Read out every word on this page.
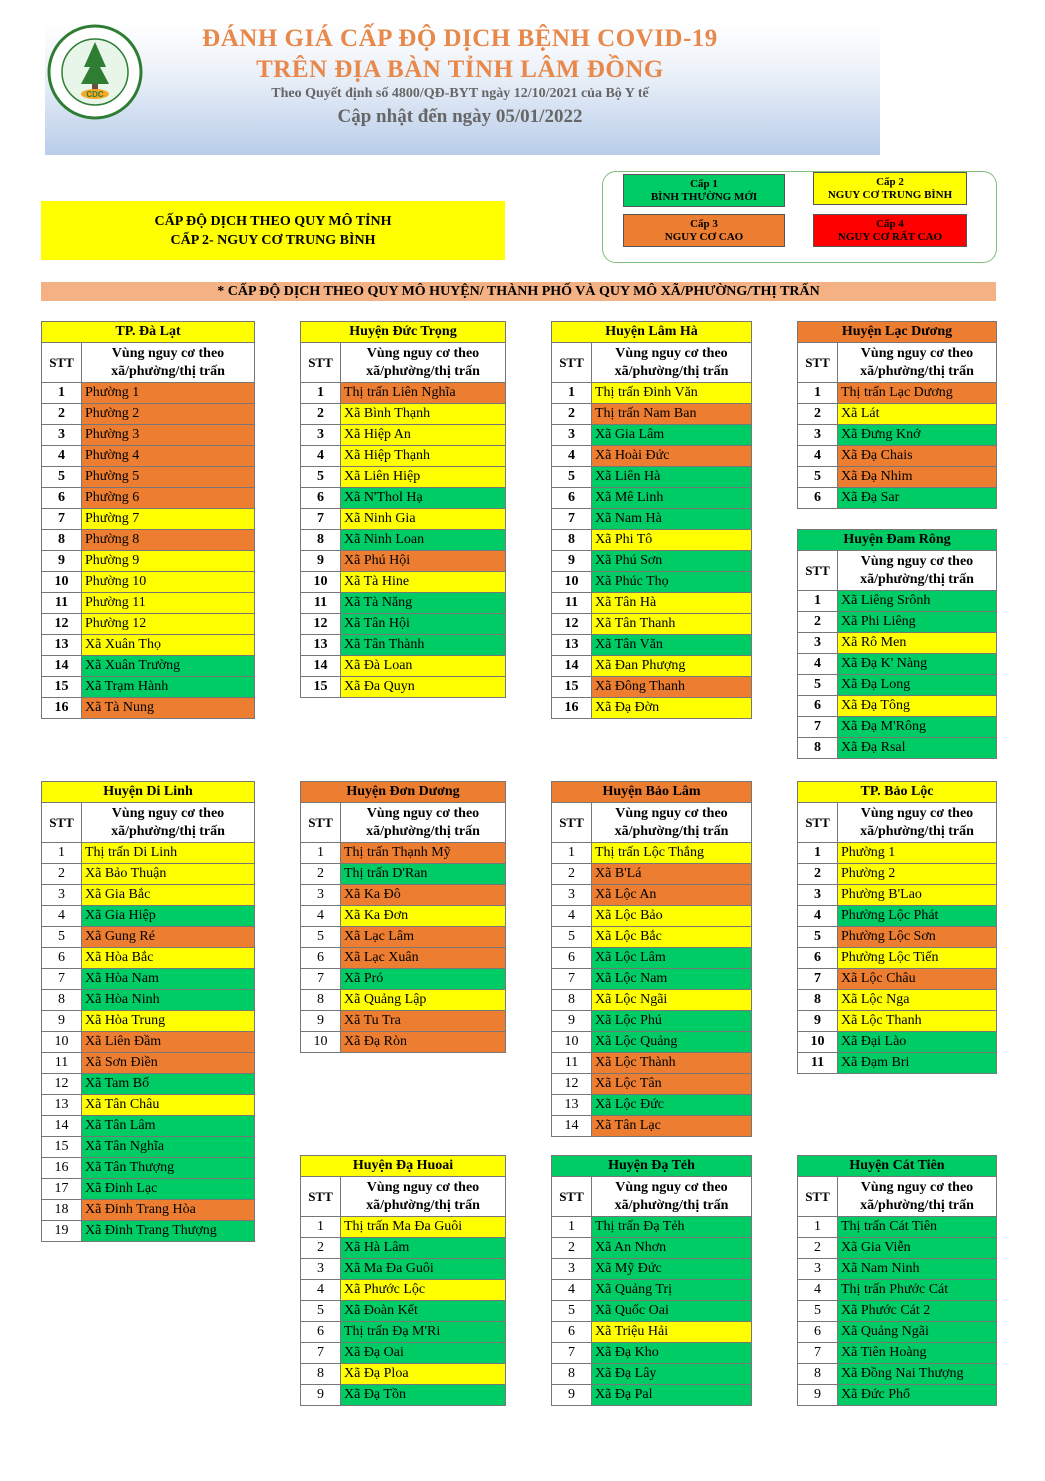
CDC
ĐÁNH GIÁ CẤP ĐỘ DỊCH BỆNH COVID-19
TRÊN ĐỊA BÀN TỈNH LÂM ĐỒNG
Theo Quyết định số 4800/QĐ-BYT ngày 12/10/2021 của Bộ Y tế
Cập nhật đến ngày 05/01/2022
CẤP ĐỘ DỊCH THEO QUY MÔ TỈNH
CẤP 2- NGUY CƠ TRUNG BÌNH
Cấp 1
BÌNH THƯỜNG MỚI
Cấp 2
NGUY CƠ TRUNG BÌNH
Cấp 3
NGUY CƠ CAO
Cấp 4
NGUY CƠ RẤT CAO
* CẤP ĐỘ DỊCH THEO QUY MÔ HUYỆN/ THÀNH PHỐ VÀ QUY MÔ XÃ/PHƯỜNG/THỊ TRẤN
TP. Đà Lạt	
STT	Vùng nguy cơ theo xã/phường/thị trấn
1	Phường 1
2	Phường 2
3	Phường 3
4	Phường 4
5	Phường 5
6	Phường 6
7	Phường 7
8	Phường 8
9	Phường 9
10	Phường 10
11	Phường 11
12	Phường 12
13	Xã Xuân Thọ
14	Xã Xuân Trường
15	Xã Trạm Hành
16	Xã Tà Nung
Huyện Đức Trọng	
STT	Vùng nguy cơ theo xã/phường/thị trấn
1	Thị trấn Liên Nghĩa
2	Xã Bình Thạnh
3	Xã Hiệp An
4	Xã Hiệp Thạnh
5	Xã Liên Hiệp
6	Xã N'Thol Hạ
7	Xã Ninh Gia
8	Xã Ninh Loan
9	Xã Phú Hội
10	Xã Tà Hine
11	Xã Tà Năng
12	Xã Tân Hội
13	Xã Tân Thành
14	Xã Đà Loan
15	Xã Đa Quyn
Huyện Lâm Hà	
STT	Vùng nguy cơ theo xã/phường/thị trấn
1	Thị trấn Đinh Văn
2	Thị trấn Nam Ban
3	Xã Gia Lâm
4	Xã Hoài Đức
5	Xã Liên Hà
6	Xã Mê Linh
7	Xã Nam Hà
8	Xã Phi Tô
9	Xã Phú Sơn
10	Xã Phúc Thọ
11	Xã Tân Hà
12	Xã Tân Thanh
13	Xã Tân Văn
14	Xã Đan Phượng
15	Xã Đông Thanh
16	Xã Đạ Đờn
Huyện Lạc Dương	
STT	Vùng nguy cơ theo xã/phường/thị trấn
1	Thị trấn Lạc Dương
2	Xã Lát
3	Xã Đưng Knớ
4	Xã Đạ Chais
5	Xã Đạ Nhim
6	Xã Đạ Sar
Huyện Đam Rông	
STT	Vùng nguy cơ theo xã/phường/thị trấn
1	Xã Liêng Srônh
2	Xã Phi Liêng
3	Xã Rô Men
4	Xã Đạ K' Nàng
5	Xã Đạ Long
6	Xã Đạ Tông
7	Xã Đạ M'Rông
8	Xã Đạ Rsal
Huyện Di Linh	
STT	Vùng nguy cơ theo xã/phường/thị trấn
1	Thị trấn Di Linh
2	Xã Bảo Thuận
3	Xã Gia Bắc
4	Xã Gia Hiệp
5	Xã Gung Ré
6	Xã Hòa Bắc
7	Xã Hòa Nam
8	Xã Hòa Ninh
9	Xã Hòa Trung
10	Xã Liên Đầm
11	Xã Sơn Điền
12	Xã Tam Bố
13	Xã Tân Châu
14	Xã Tân Lâm
15	Xã Tân Nghĩa
16	Xã Tân Thượng
17	Xã Đinh Lạc
18	Xã Đinh Trang Hòa
19	Xã Đinh Trang Thượng
Huyện Đơn Dương	
STT	Vùng nguy cơ theo xã/phường/thị trấn
1	Thị trấn Thạnh Mỹ
2	Thị trấn D'Ran
3	Xã Ka Đô
4	Xã Ka Đơn
5	Xã Lạc Lâm
6	Xã Lạc Xuân
7	Xã Pró
8	Xã Quảng Lập
9	Xã Tu Tra
10	Xã Đạ Ròn
Huyện Bảo Lâm	
STT	Vùng nguy cơ theo xã/phường/thị trấn
1	Thị trấn Lộc Thắng
2	Xã B'Lá
3	Xã Lộc An
4	Xã Lộc Bảo
5	Xã Lộc Bắc
6	Xã Lộc Lâm
7	Xã Lộc Nam
8	Xã Lộc Ngãi
9	Xã Lộc Phú
10	Xã Lộc Quảng
11	Xã Lộc Thành
12	Xã Lộc Tân
13	Xã Lộc Đức
14	Xã Tân Lạc
TP. Bảo Lộc	
STT	Vùng nguy cơ theo xã/phường/thị trấn
1	Phường 1
2	Phường 2
3	Phường B'Lao
4	Phường Lộc Phát
5	Phường Lộc Sơn
6	Phường Lộc Tiến
7	Xã Lộc Châu
8	Xã Lộc Nga
9	Xã Lộc Thanh
10	Xã Đại Lào
11	Xã Đạm Bri
Huyện Đạ Huoai	
STT	Vùng nguy cơ theo xã/phường/thị trấn
1	Thị trấn Ma Đa Guôi
2	Xã Hà Lâm
3	Xã Ma Đa Guôi
4	Xã Phước Lộc
5	Xã Đoàn Kết
6	Thị trấn Đạ M'Ri
7	Xã Đạ Oai
8	Xã Đạ Ploa
9	Xã Đạ Tồn
Huyện Đạ Tẻh	
STT	Vùng nguy cơ theo xã/phường/thị trấn
1	Thị trấn Đạ Tẻh
2	Xã An Nhơn
3	Xã Mỹ Đức
4	Xã Quảng Trị
5	Xã Quốc Oai
6	Xã Triệu Hải
7	Xã Đạ Kho
8	Xã Đạ Lây
9	Xã Đạ Pal
Huyện Cát Tiên	
STT	Vùng nguy cơ theo xã/phường/thị trấn
1	Thị trấn Cát Tiên
2	Xã Gia Viễn
3	Xã Nam Ninh
4	Thị trấn Phước Cát
5	Xã Phước Cát 2
6	Xã Quảng Ngãi
7	Xã Tiên Hoàng
8	Xã Đồng Nai Thượng
9	Xã Đức Phổ
